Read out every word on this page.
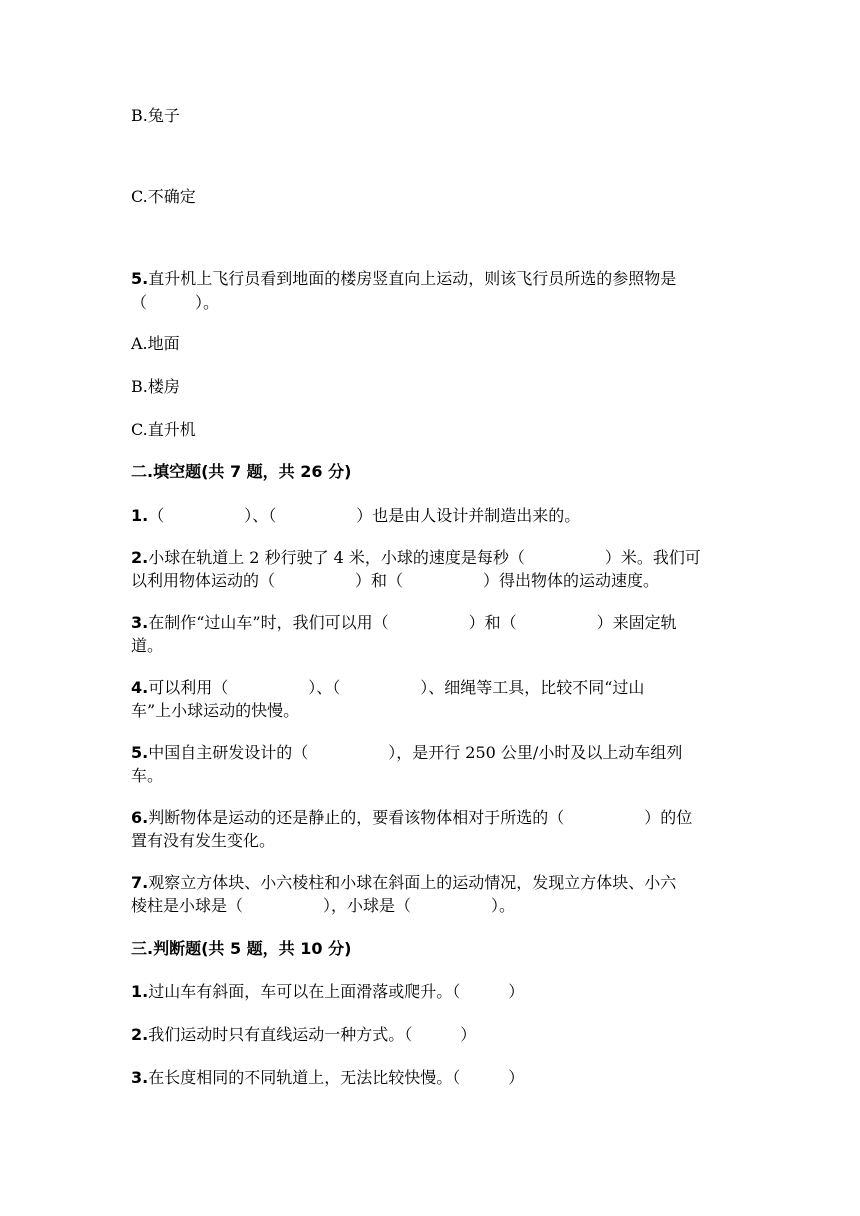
B.兔子
C.不确定
5.直升机上飞行员看到地面的楼房竖直向上运动，则该飞行员所选的参照物是
（　　　）。
A.地面
B.楼房
C.直升机
二.填空题(共 7 题，共 26 分)
1.（　　　　　）、（　　　　　）也是由人设计并制造出来的。
2.小球在轨道上 2 秒行驶了 4 米，小球的速度是每秒（　　　　　）米。我们可
以利用物体运动的（　　　　　）和（　　　　　）得出物体的运动速度。
3.在制作“过山车”时，我们可以用（　　　　　）和（　　　　　）来固定轨
道。
4.可以利用（　　　　　）、（　　　　　）、细绳等工具，比较不同“过山
车”上小球运动的快慢。
5.中国自主研发设计的（　　　　　），是开行 250 公里/小时及以上动车组列
车。
6.判断物体是运动的还是静止的，要看该物体相对于所选的（　　　　　）的位
置有没有发生变化。
7.观察立方体块、小六棱柱和小球在斜面上的运动情况，发现立方体块、小六
棱柱是小球是（　　　　　），小球是（　　　　　）。
三.判断题(共 5 题，共 10 分)
1.过山车有斜面，车可以在上面滑落或爬升。（　　　）
2.我们运动时只有直线运动一种方式。（　　　）
3.在长度相同的不同轨道上，无法比较快慢。（　　　）
